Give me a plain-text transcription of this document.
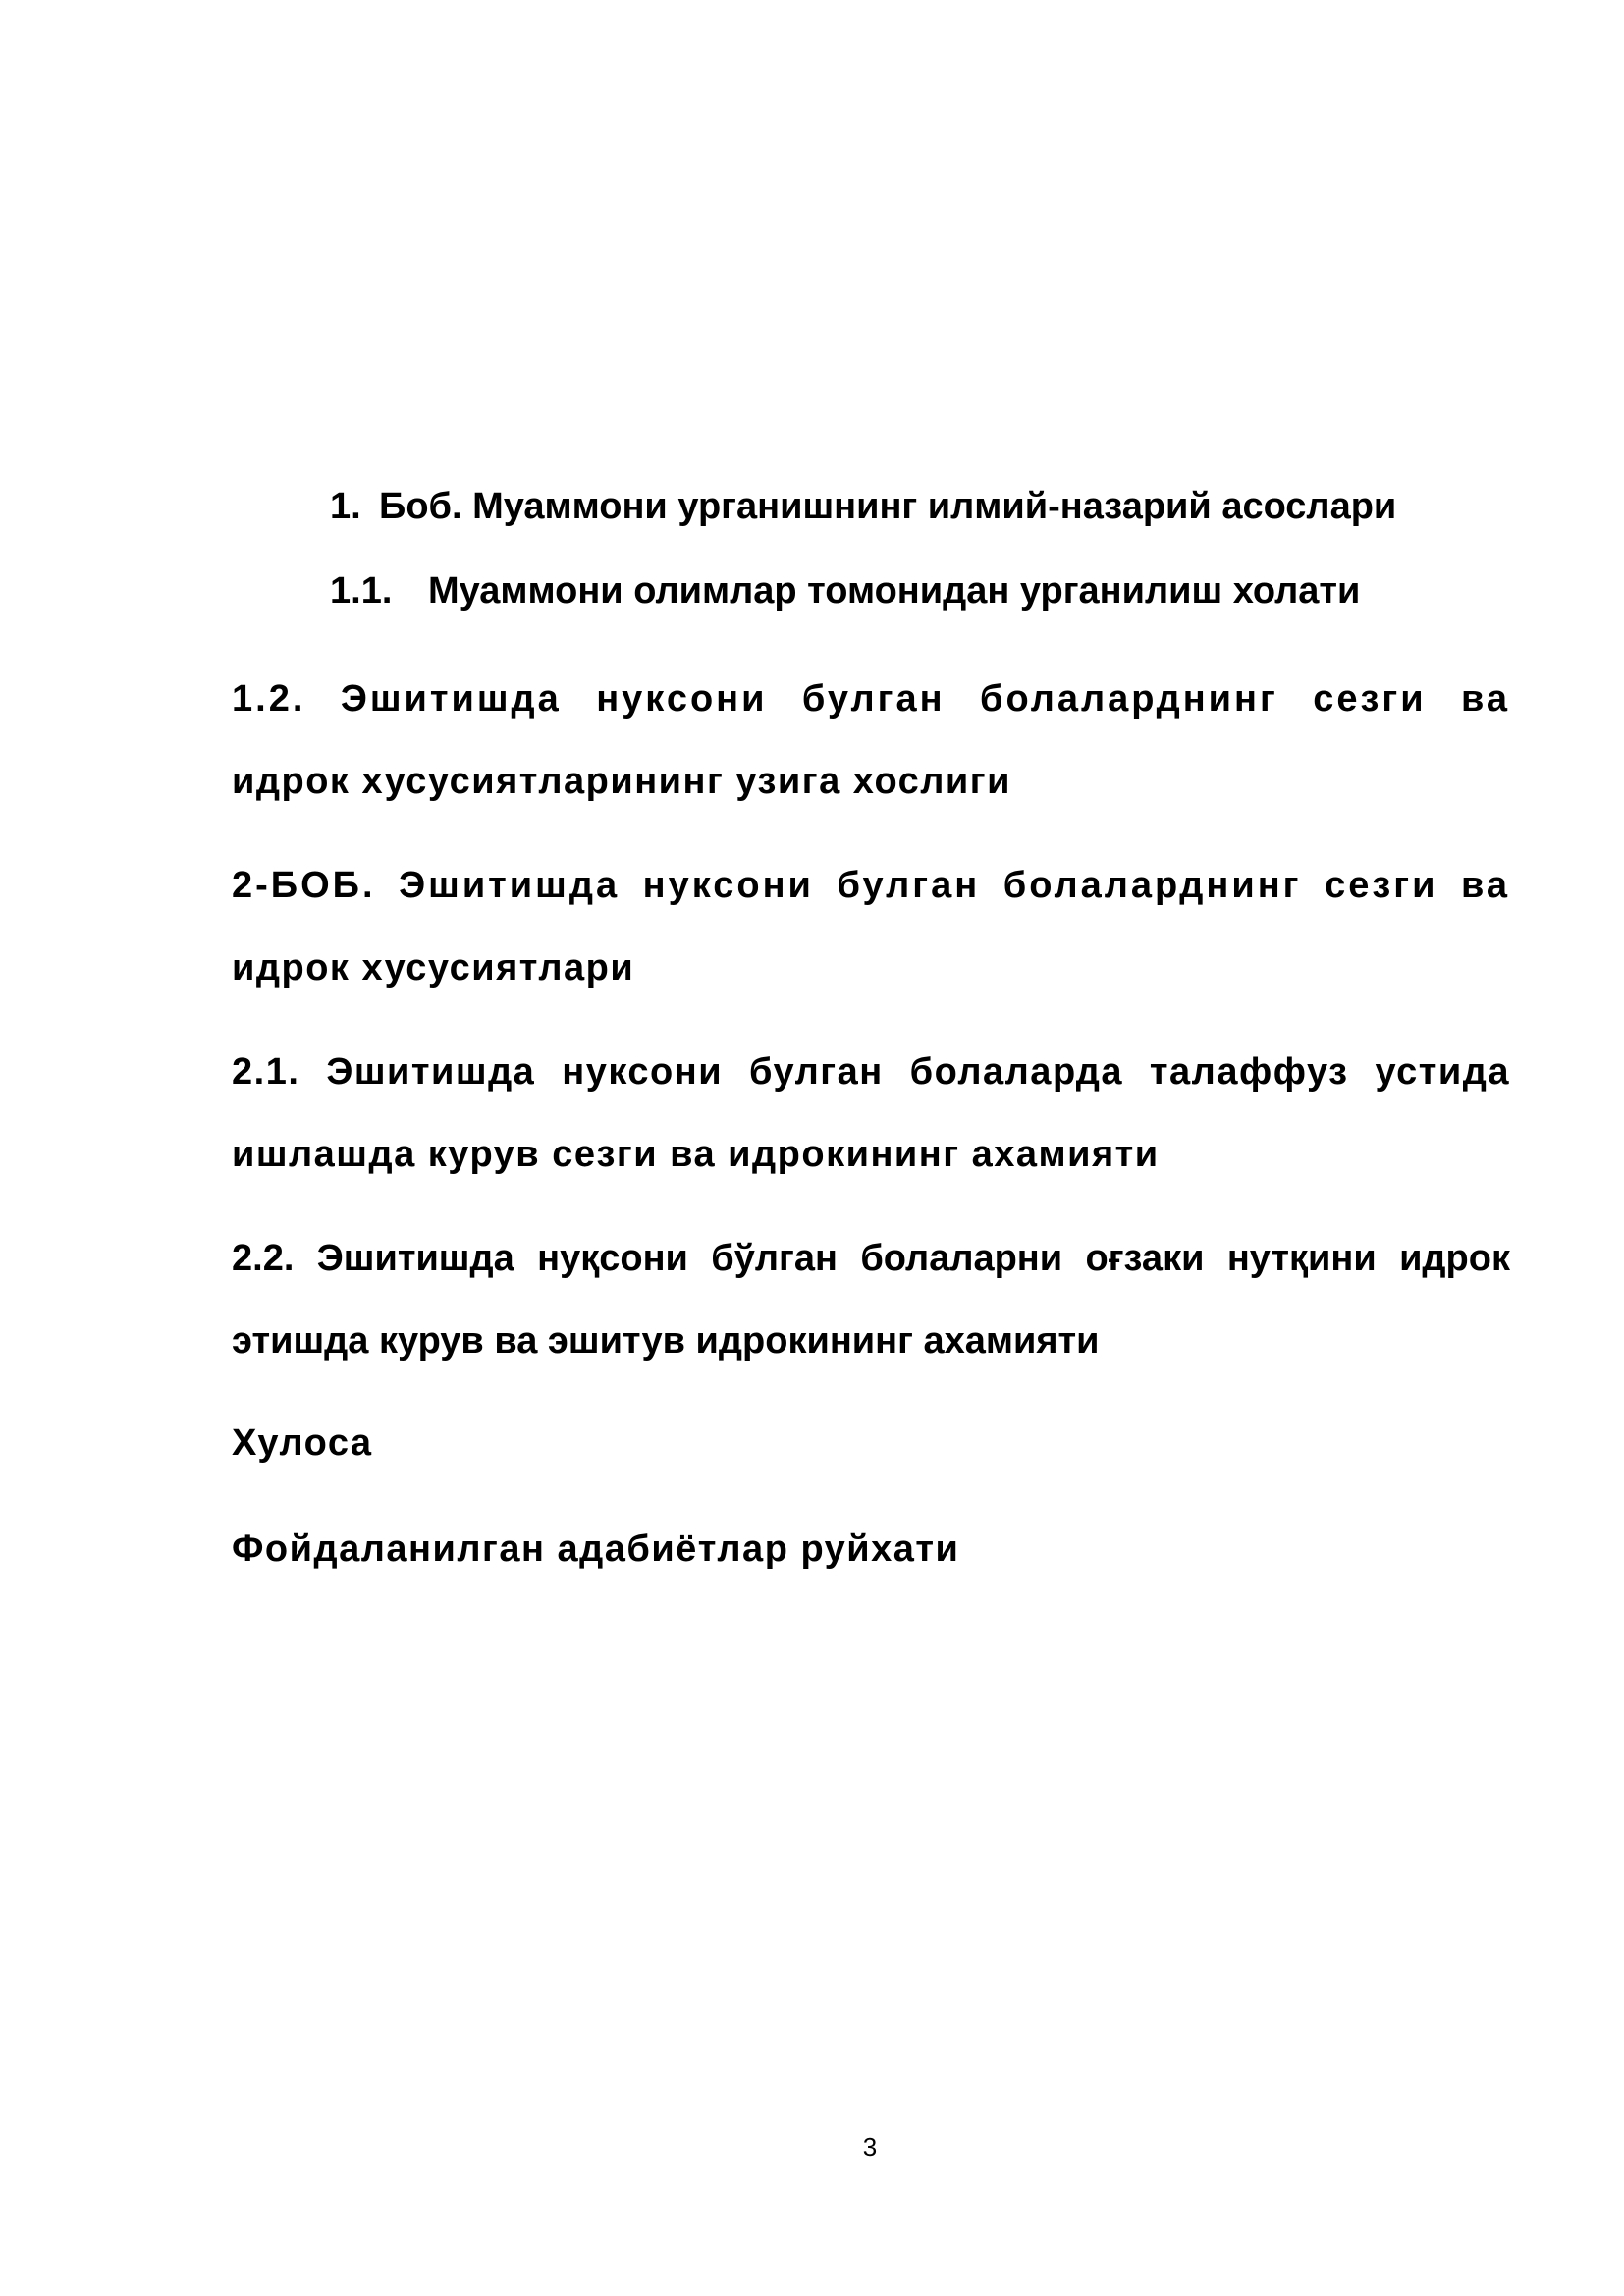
1. Боб. Муаммони урганишнинг илмий-назарий асослари

1.1. Муаммони олимлар томонидан урганилиш холати

1.2. Эшитишда нуксони булган болаларднинг сезги ва

идрок хусусиятларининг узига хослиги

2-БОБ. Эшитишда нуксони булган болаларднинг сезги ва

идрок хусусиятлари

2.1. Эшитишда нуксони булган болаларда талаффуз устида

ишлашда курув сезги ва идрокининг ахамияти

2.2. Эшитишда нуқсони бўлган болаларни оғзаки нутқини идрок

этишда курув ва эшитув идрокининг ахамияти

Хулоса

Фойдаланилган адабиётлар руйхати

3
